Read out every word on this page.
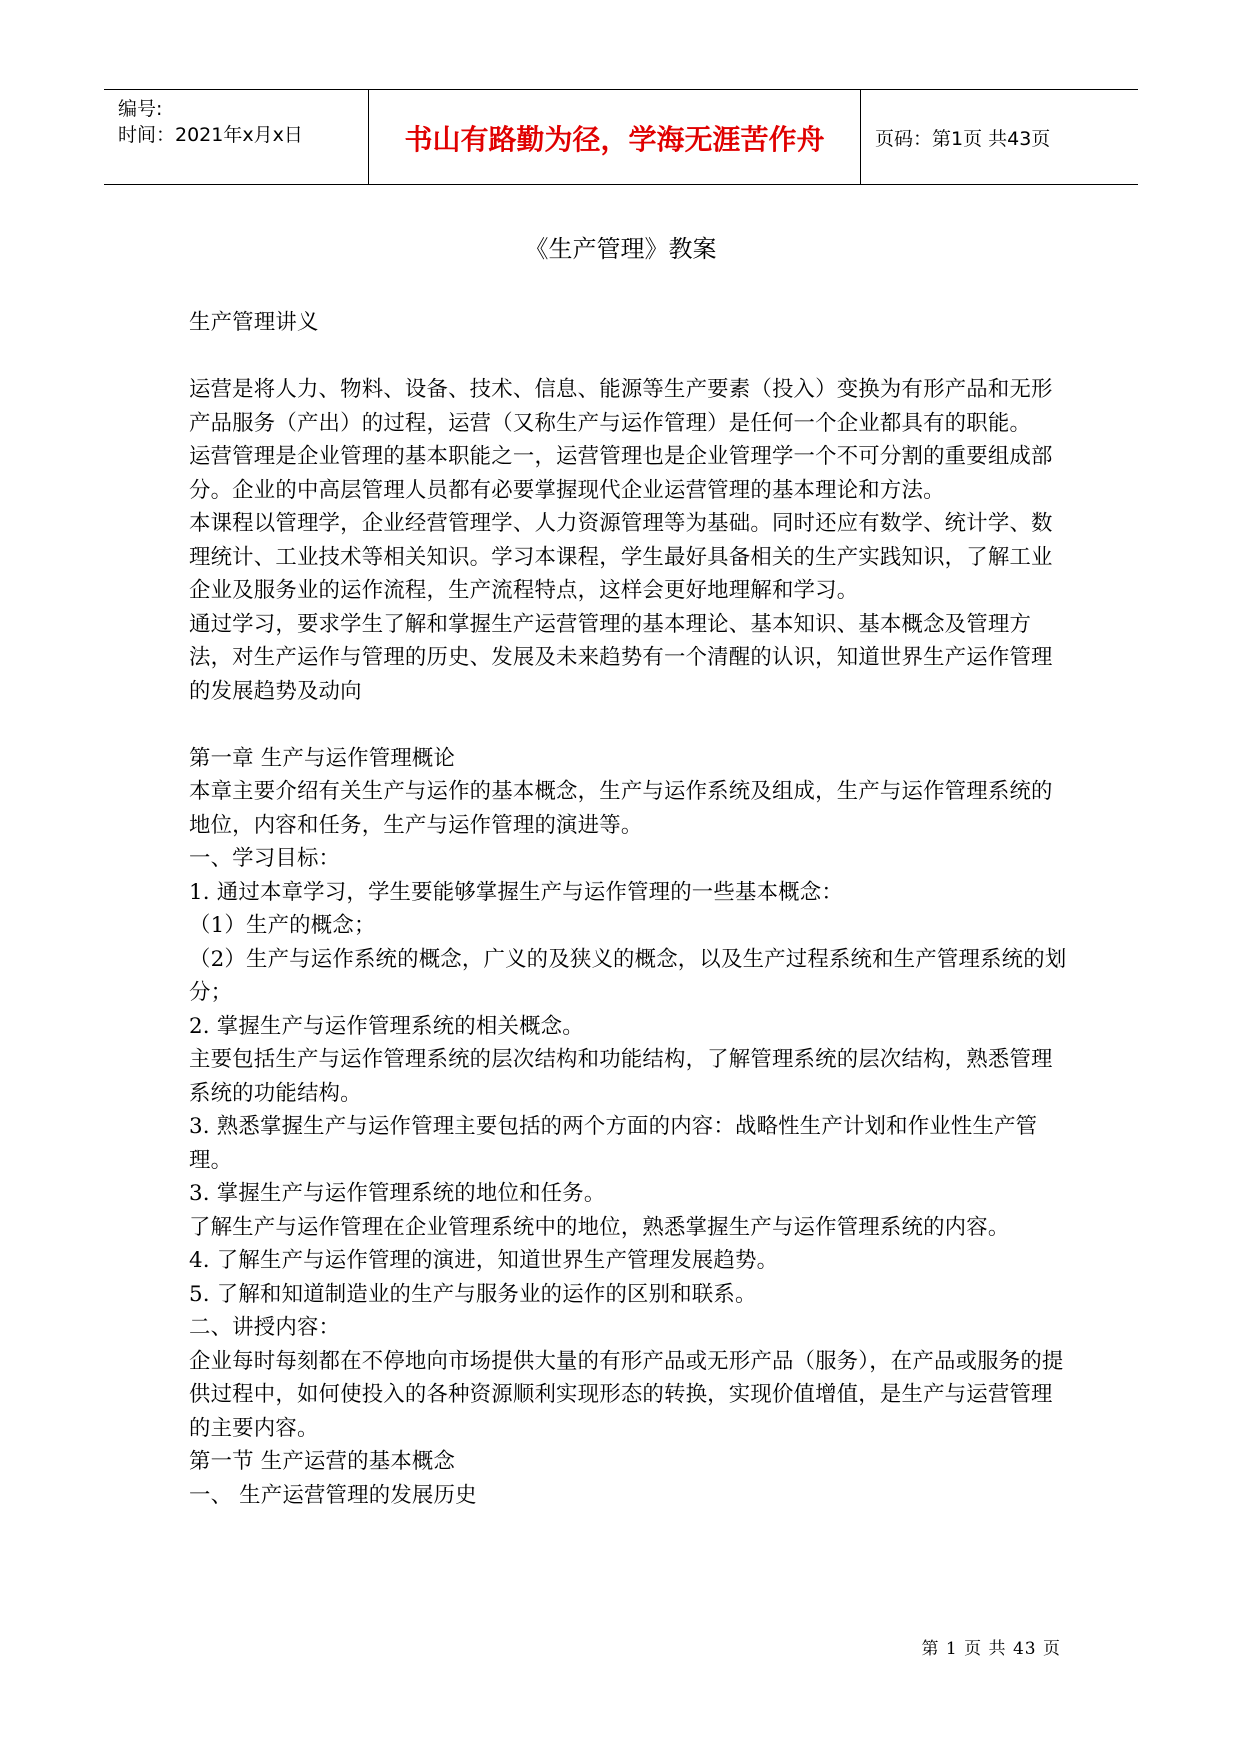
编号:
时间：2021年x月x日	书山有路勤为径，学海无涯苦作舟	页码：第1页 共43页
《生产管理》教案

生产管理讲义

运营是将人力、物料、设备、技术、信息、能源等生产要素（投入）变换为有形产品和无形产品服务（产出）的过程，运营（又称生产与运作管理）是任何一个企业都具有的职能。

运营管理是企业管理的基本职能之一，运营管理也是企业管理学一个不可分割的重要组成部分。企业的中高层管理人员都有必要掌握现代企业运营管理的基本理论和方法。

本课程以管理学，企业经营管理学、人力资源管理等为基础。同时还应有数学、统计学、数理统计、工业技术等相关知识。学习本课程，学生最好具备相关的生产实践知识，了解工业企业及服务业的运作流程，生产流程特点，这样会更好地理解和学习。

通过学习，要求学生了解和掌握生产运营管理的基本理论、基本知识、基本概念及管理方法，对生产运作与管理的历史、发展及未来趋势有一个清醒的认识，知道世界生产运作管理的发展趋势及动向

第一章 生产与运作管理概论

本章主要介绍有关生产与运作的基本概念，生产与运作系统及组成，生产与运作管理系统的地位，内容和任务，生产与运作管理的演进等。

一、学习目标：

1. 通过本章学习，学生要能够掌握生产与运作管理的一些基本概念：

（1）生产的概念；

（2）生产与运作系统的概念，广义的及狭义的概念，以及生产过程系统和生产管理系统的划分；

2. 掌握生产与运作管理系统的相关概念。

主要包括生产与运作管理系统的层次结构和功能结构，了解管理系统的层次结构，熟悉管理系统的功能结构。

3. 熟悉掌握生产与运作管理主要包括的两个方面的内容：战略性生产计划和作业性生产管理。

3. 掌握生产与运作管理系统的地位和任务。

了解生产与运作管理在企业管理系统中的地位，熟悉掌握生产与运作管理系统的内容。

4. 了解生产与运作管理的演进，知道世界生产管理发展趋势。

5. 了解和知道制造业的生产与服务业的运作的区别和联系。

二、讲授内容：

企业每时每刻都在不停地向市场提供大量的有形产品或无形产品（服务），在产品或服务的提供过程中，如何使投入的各种资源顺利实现形态的转换，实现价值增值，是生产与运营管理的主要内容。

第一节 生产运营的基本概念

一、 生产运营管理的发展历史

第 1 页 共 43 页
